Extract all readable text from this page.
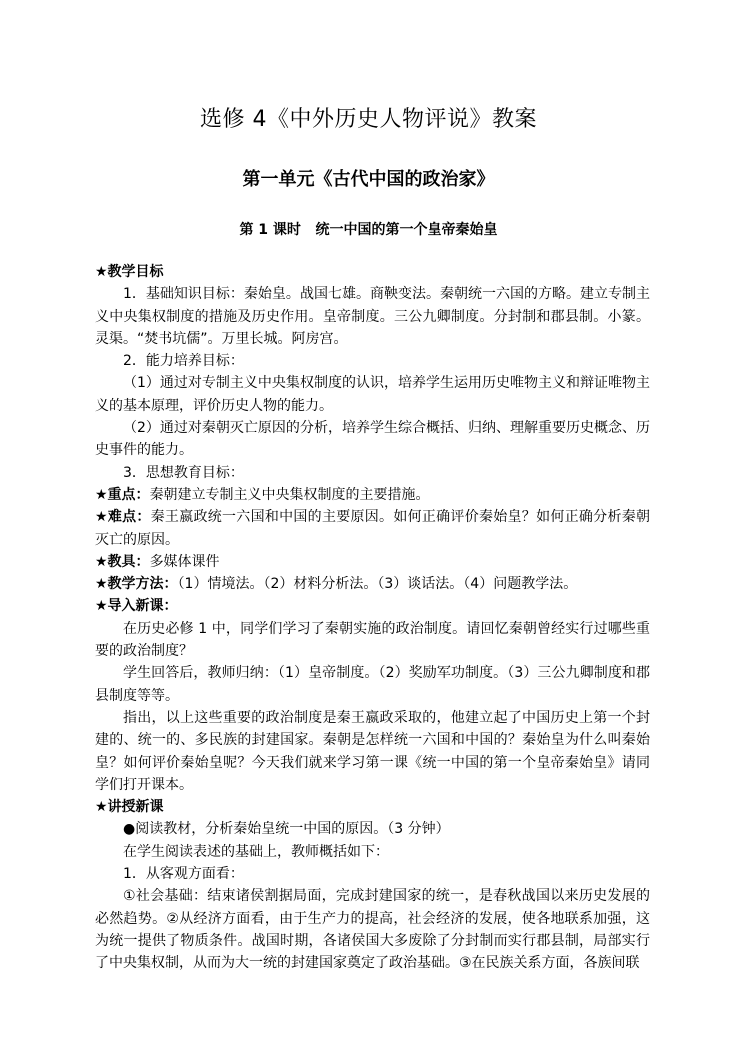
选修 4《中外历史人物评说》教案
第一单元《古代中国的政治家》
第 1 课时   统一中国的第一个皇帝秦始皇

★教学目标

1．基础知识目标：秦始皇。战国七雄。商鞅变法。秦朝统一六国的方略。建立专制主义中央集权制度的措施及历史作用。皇帝制度。三公九卿制度。分封制和郡县制。小篆。灵渠。“焚书坑儒”。万里长城。阿房宫。

2．能力培养目标：

（1）通过对专制主义中央集权制度的认识，培养学生运用历史唯物主义和辩证唯物主义的基本原理，评价历史人物的能力。

（2）通过对秦朝灭亡原因的分析，培养学生综合概括、归纳、理解重要历史概念、历史事件的能力。

3．思想教育目标：

★重点：秦朝建立专制主义中央集权制度的主要措施。

★难点：秦王嬴政统一六国和中国的主要原因。如何正确评价秦始皇？如何正确分析秦朝灭亡的原因。

★教具：多媒体课件

★教学方法：（1）情境法。（2）材料分析法。（3）谈话法。（4）问题教学法。

★导入新课：

在历史必修 1 中，同学们学习了秦朝实施的政治制度。请回忆秦朝曾经实行过哪些重要的政治制度？

学生回答后，教师归纳：（1）皇帝制度。（2）奖励军功制度。（3）三公九卿制度和郡县制度等等。

指出，以上这些重要的政治制度是秦王嬴政采取的，他建立起了中国历史上第一个封建的、统一的、多民族的封建国家。秦朝是怎样统一六国和中国的？秦始皇为什么叫秦始皇？如何评价秦始皇呢？今天我们就来学习第一课《统一中国的第一个皇帝秦始皇》请同学们打开课本。

★讲授新课

●阅读教材，分析秦始皇统一中国的原因。（3 分钟）

在学生阅读表述的基础上，教师概括如下：

1．从客观方面看：

①社会基础：结束诸侯割据局面，完成封建国家的统一，是春秋战国以来历史发展的必然趋势。②从经济方面看，由于生产力的提高，社会经济的发展，使各地联系加强，这为统一提供了物质条件。战国时期，各诸侯国大多废除了分封制而实行郡县制，局部实行了中央集权制，从而为大一统的封建国家奠定了政治基础。③在民族关系方面，各族间联
